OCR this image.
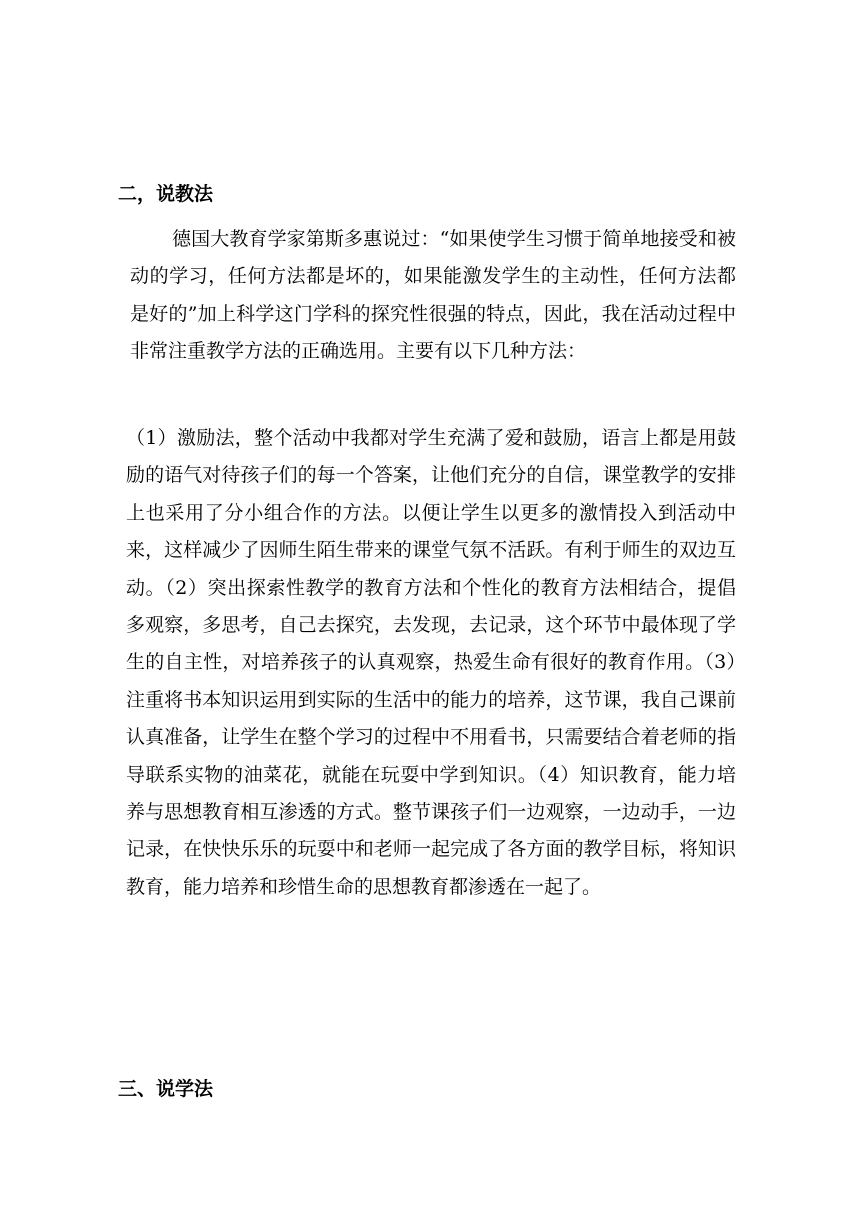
二，说教法
德国大教育学家第斯多惠说过：“如果使学生习惯于简单地接受和被动的学习，任何方法都是坏的，如果能激发学生的主动性，任何方法都是好的”加上科学这门学科的探究性很强的特点，因此，我在活动过程中非常注重教学方法的正确选用。主要有以下几种方法：
（1）激励法，整个活动中我都对学生充满了爱和鼓励，语言上都是用鼓励的语气对待孩子们的每一个答案，让他们充分的自信，课堂教学的安排上也采用了分小组合作的方法。以便让学生以更多的激情投入到活动中来，这样减少了因师生陌生带来的课堂气氛不活跃。有利于师生的双边互动。（2）突出探索性教学的教育方法和个性化的教育方法相结合，提倡多观察，多思考，自己去探究，去发现，去记录，这个环节中最体现了学生的自主性，对培养孩子的认真观察，热爱生命有很好的教育作用。（3）注重将书本知识运用到实际的生活中的能力的培养，这节课，我自己课前认真准备，让学生在整个学习的过程中不用看书，只需要结合着老师的指导联系实物的油菜花，就能在玩耍中学到知识。（4）知识教育，能力培养与思想教育相互渗透的方式。整节课孩子们一边观察，一边动手，一边记录，在快快乐乐的玩耍中和老师一起完成了各方面的教学目标，将知识教育，能力培养和珍惜生命的思想教育都渗透在一起了。
三、说学法
